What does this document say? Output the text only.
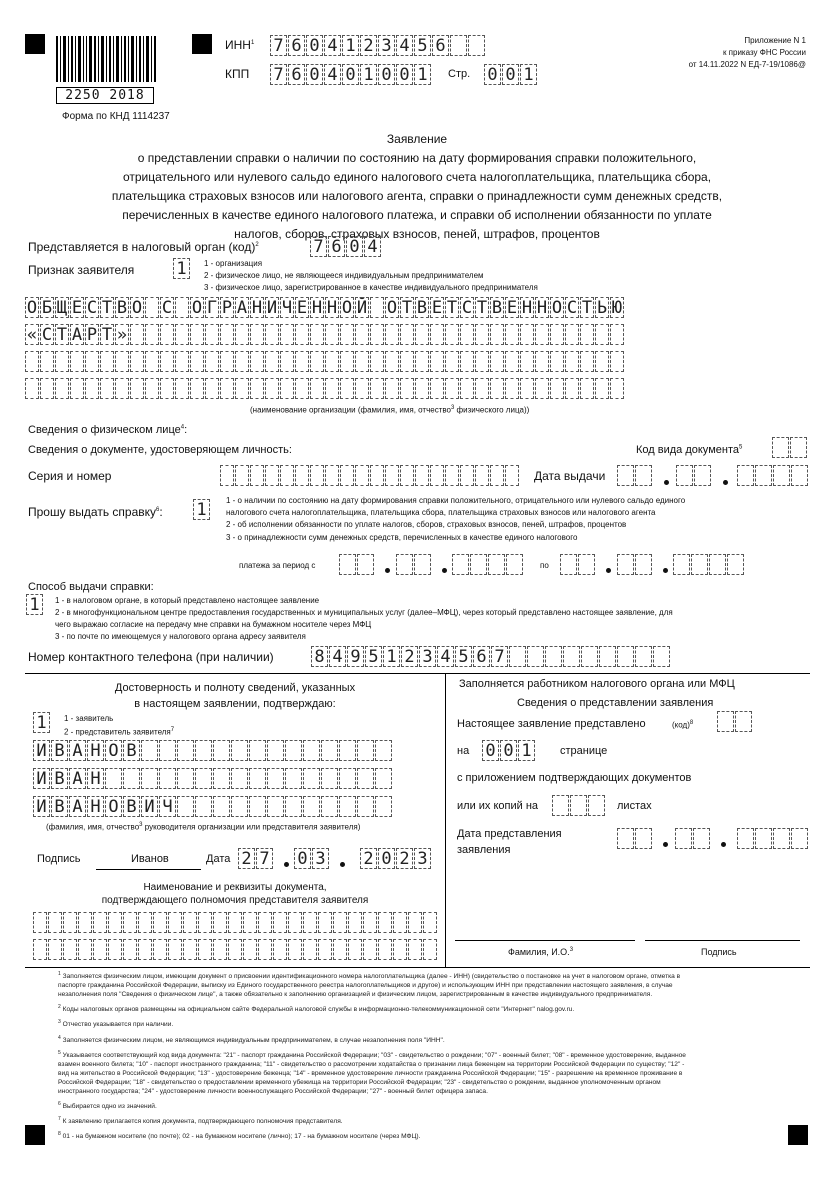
2250 2018
ИНН$^1$ 7 6 0 4 1 2 3 4 5 6
КПП 7 6 0 4 0 1 0 0 1	Стр. 0 0 1
Приложение N 1
к приказу ФНС России
от 14.11.2022 N ЕД-7-19/1086@
Форма по КНД 1114237
Заявление
о представлении справки о наличии по состоянию на дату формирования справки положительного,
отрицательного или нулевого сальдо единого налогового счета налогоплательщика, плательщика сбора,
плательщика страховых взносов или налогового агента, справки о принадлежности сумм денежных средств,
перечисленных в качестве единого налогового платежа, и справки об исполнении обязанности по уплате
налогов, сборов, страховых взносов, пеней, штрафов, процентов
Представляется в налоговый орган (код)$^2$	7 6 0 4
Признак заявителя 1	1 - организация
2 - физическое лицо, не являющееся индивидуальным предпринимателем
3 - физическое лицо, зарегистрированное в качестве индивидуального предпринимателя
О Б Щ Е С Т В О С О Г Р А Н И Ч Е Н Н О Й О Т В Е Т С Т В Е Н Н О С Т Ь Ю
« С Т А Р Т »
(наименование организации (фамилия, имя, отчество$^3$ физического лица))
Сведения о физическом лице$^4$:
Сведения о документе, удостоверяющем личность:	Код вида документа$^5$
Серия и номер	Дата выдачи
Прошу выдать справку$^6$: 1	1 - о наличии по состоянию на дату формирования справки положительного, отрицательного или нулевого сальдо единого
налогового счета налогоплательщика, плательщика сбора, плательщика страховых взносов или налогового агента
2 - об исполнении обязанности по уплате налогов, сборов, страховых взносов, пеней, штрафов, процентов
3 - о принадлежности сумм денежных средств, перечисленных в качестве единого налогового
платежа за период с	по
Способ выдачи справки:
1	1 - в налоговом органе, в который представлено настоящее заявление
2 - в многофункциональном центре предоставления государственных и муниципальных услуг (далее–МФЦ), через который представлено настоящее заявление, для
чего выражаю согласие на передачу мне справки на бумажном носителе через МФЦ
3 - по почте по имеющемуся у налогового органа адресу заявителя
Номер контактного телефона (при наличии) 8 4 9 5 1 2 3 4 5 6 7
Достоверность и полноту сведений, указанных
в настоящем заявлении, подтверждаю:
1	1 - заявитель
2 - представитель заявителя$^7$
И В А Н О В
И В А Н
И В А Н О В И Ч
(фамилия, имя, отчество$^3$ руководителя организации или представителя заявителя)
Подпись	Иванов	Дата 2 7 0 3 2 0 2 3
Наименование и реквизиты документа,
подтверждающего полномочия представителя заявителя
Заполняется работником налогового органа или МФЦ
Сведения о представлении заявления
Настоящее заявление представлено	(код)$^8$
на 0 0 1	странице
с приложением подтверждающих документов
или их копий на	листах
Дата представления
заявления
Фамилия, И.О.$^3$	Подпись
$^1$ Заполняется физическим лицом, имеющим документ о присвоении идентификационного номера налогоплательщика (далее - ИНН) (свидетельство о постановке на учет в налоговом органе, отметка в
паспорте гражданина Российской Федерации, выписку из Единого государственного реестра налогоплательщиков и другое) и использующим ИНН при представлении настоящего заявления, в случае
незаполнения поля "Сведения о физическом лице", а также обязательно к заполнению организацией и физическим лицом, зарегистрированным в качестве индивидуального предпринимателя.
$^2$ Коды налоговых органов размещены на официальном сайте Федеральной налоговой службы в информационно-телекоммуникационной сети "Интернет" nalog.gov.ru.
$^3$ Отчество указывается при наличии.
$^4$ Заполняется физическим лицом, не являющимся индивидуальным предпринимателем, в случае незаполнения поля "ИНН".
$^5$ Указывается соответствующий код вида документа: "21" - паспорт гражданина Российской Федерации; "03" - свидетельство о рождении; "07" - военный билет; "08" - временное удостоверение, выданное
взамен военного билета; "10" - паспорт иностранного гражданина; "11" - свидетельство о рассмотрении ходатайства о признании лица беженцем на территории Российской Федерации по существу; "12" -
вид на жительство в Российской Федерации; "13" - удостоверение беженца; "14" - временное удостоверение личности гражданина Российской Федерации; "15" - разрешение на временное проживание в
Российской Федерации; "18" - свидетельство о предоставлении временного убежища на территории Российской Федерации; "23" - свидетельство о рождении, выданное уполномоченным органом
иностранного государства; "24" - удостоверение личности военнослужащего Российской Федерации; "27" - военный билет офицера запаса.
$^6$ Выбирается одно из значений.
$^7$ К заявлению прилагается копия документа, подтверждающего полномочия представителя.
$^8$ 01 - на бумажном носителе (по почте); 02 - на бумажном носителе (лично); 17 - на бумажном носителе (через МФЦ).
